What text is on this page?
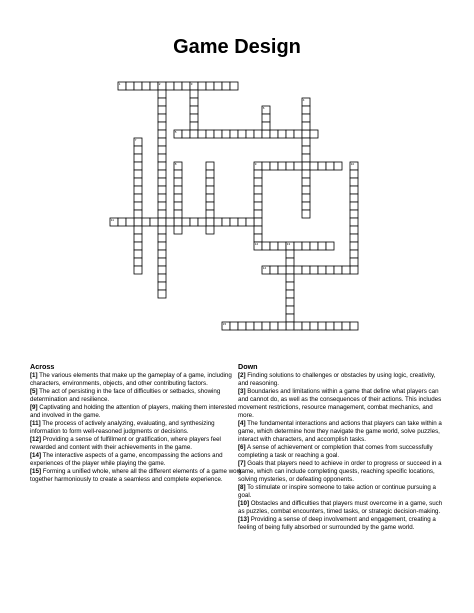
Game Design
1	2	3
4
5
6
7
8	9	10
11
12	13
14
15
Across
[1] The various elements that make up the gameplay of a game, including characters, environments, objects, and other contributing factors.
[5] The act of persisting in the face of difficulties or setbacks, showing determination and resilience.
[9] Captivating and holding the attention of players, making them interested and involved in the game.
[11] The process of actively analyzing, evaluating, and synthesizing information to form well-reasoned judgments or decisions.
[12] Providing a sense of fulfillment or gratification, where players feel rewarded and content with their achievements in the game.
[14] The interactive aspects of a game, encompassing the actions and experiences of the player while playing the game.
[15] Forming a unified whole, where all the different elements of a game work together harmoniously to create a seamless and complete experience.
Down
[2] Finding solutions to challenges or obstacles by using logic, creativity, and reasoning.
[3] Boundaries and limitations within a game that define what players can and cannot do, as well as the consequences of their actions. This includes movement restrictions, resource management, combat mechanics, and more.
[4] The fundamental interactions and actions that players can take within a game, which determine how they navigate the game world, solve puzzles, interact with characters, and accomplish tasks.
[6] A sense of achievement or completion that comes from successfully completing a task or reaching a goal.
[7] Goals that players need to achieve in order to progress or succeed in a game, which can include completing quests, reaching specific locations, solving mysteries, or defeating opponents.
[8] To stimulate or inspire someone to take action or continue pursuing a goal.
[10] Obstacles and difficulties that players must overcome in a game, such as puzzles, combat encounters, timed tasks, or strategic decision-making.
[13] Providing a sense of deep involvement and engagement, creating a feeling of being fully absorbed or surrounded by the game world.
